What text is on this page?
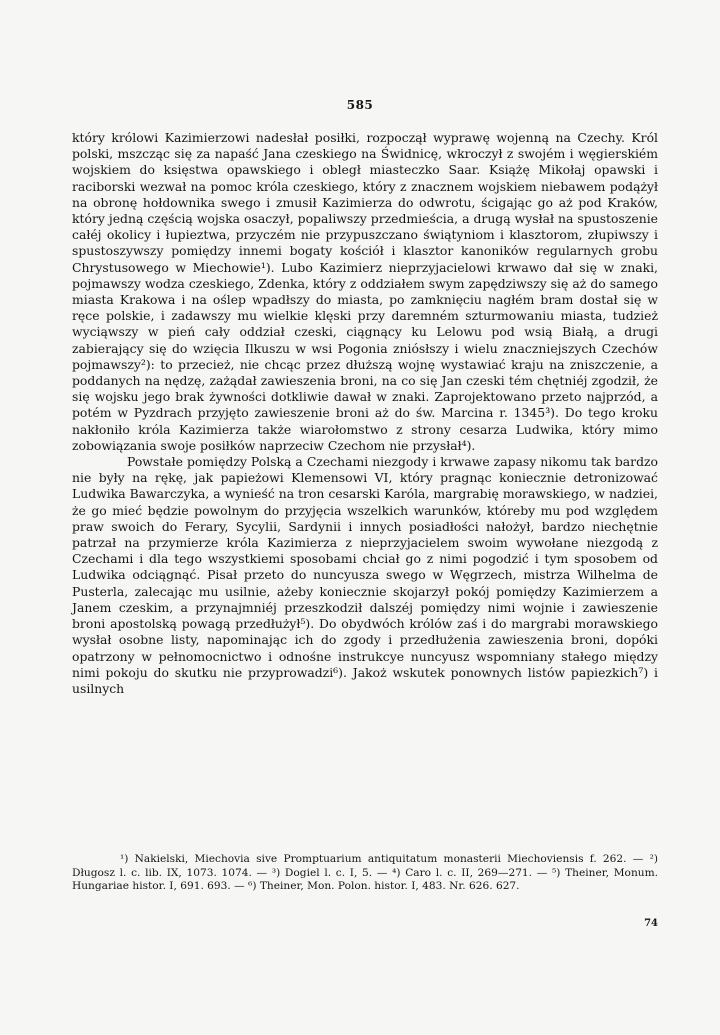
585

który królowi Kazimierzowi nadesłał posiłki, rozpoczął wyprawę wojenną na Czechy. Król polski, mszcząc się za napaść Jana czeskiego na Świdnicę, wkroczył z swojém i węgierskiém wojskiem do księstwa opawskiego i obległ miasteczko Saar. Książę Mikołaj opawski i raciborski wezwał na pomoc króla czeskiego, który z znacznem wojskiem niebawem podążył na obronę hołdownika swego i zmusił Kazimierza do odwrotu, ścigając go aż pod Kraków, który jedną częścią wojska osaczył, popaliwszy przedmieścia, a drugą wysłał na spustoszenie całéj okolicy i łupieztwa, przyczém nie przypuszczano świątyniom i klasztorom, złupiwszy i spustoszywszy pomiędzy innemi bogaty kościół i klasztor kanoników regularnych grobu Chrystusowego w Miechowie¹). Lubo Kazimierz nieprzyjacielowi krwawo dał się w znaki, pojmawszy wodza czeskiego, Zdenka, który z oddziałem swym zapędziwszy się aż do samego miasta Krakowa i na oślep wpadłszy do miasta, po zamknięciu nagłém bram dostał się w ręce polskie, i zadawszy mu wielkie klęski przy daremném szturmowaniu miasta, tudzież wyciąwszy w pień cały oddział czeski, ciągnący ku Lelowu pod wsią Białą, a drugi zabierający się do wzięcia Ilkuszu w wsi Pogonia zniósłszy i wielu znaczniejszych Czechów pojmawszy²): to przecież, nie chcąc przez dłuższą wojnę wystawiać kraju na zniszczenie, a poddanych na nędzę, zażądał zawieszenia broni, na co się Jan czeski tém chętniéj zgodził, że się wojsku jego brak żywności dotkliwie dawał w znaki. Zaprojektowano przeto najprzód, a potém w Pyzdrach przyjęto zawieszenie broni aż do św. Marcina r. 1345³). Do tego kroku nakłoniło króla Kazimierza także wiarołomstwo z strony cesarza Ludwika, który mimo zobowiązania swoje posiłków naprzeciw Czechom nie przysłał⁴).

Powstałe pomiędzy Polską a Czechami niezgody i krwawe zapasy nikomu tak bardzo nie były na rękę, jak papieżowi Klemensowi VI, który pragnąc koniecznie detronizować Ludwika Bawarczyka, a wynieść na tron cesarski Karóla, margrabię morawskiego, w nadziei, że go mieć będzie powolnym do przyjęcia wszelkich warunków, któreby mu pod względem praw swoich do Ferary, Sycylii, Sardynii i innych posiadłości nałożył, bardzo niechętnie patrzał na przymierze króla Kazimierza z nieprzyjacielem swoim wywołane niezgodą z Czechami i dla tego wszystkiemi sposobami chciał go z nimi pogodzić i tym sposobem od Ludwika odciągnąć. Pisał przeto do nuncyusza swego w Węgrzech, mistrza Wilhelma de Pusterla, zalecając mu usilnie, ażeby koniecznie skojarzył pokój pomiędzy Kazimierzem a Janem czeskim, a przynajmniéj przeszkodził dalszéj pomiędzy nimi wojnie i zawieszenie broni apostolską powagą przedłużył⁵). Do obydwóch królów zaś i do margrabi morawskiego wysłał osobne listy, napominając ich do zgody i przedłużenia zawieszenia broni, dopóki opatrzony w pełnomocnictwo i odnośne instrukcye nuncyusz wspomniany stałego między nimi pokoju do skutku nie przyprowadzi⁶). Jakoż wskutek ponownych listów papiezkich⁷) i usilnych

¹) Nakielski, Miechovia sive Promptuarium antiquitatum monasterii Miechoviensis f. 262. — ²) Długosz l. c. lib. IX, 1073. 1074. — ³) Dogiel l. c. I, 5. — ⁴) Caro l. c. II, 269—271. — ⁵) Theiner, Monum. Hungariae histor. I, 691. 693. — ⁶) Theiner, Mon. Polon. histor. I, 483. Nr. 626. 627.

74
